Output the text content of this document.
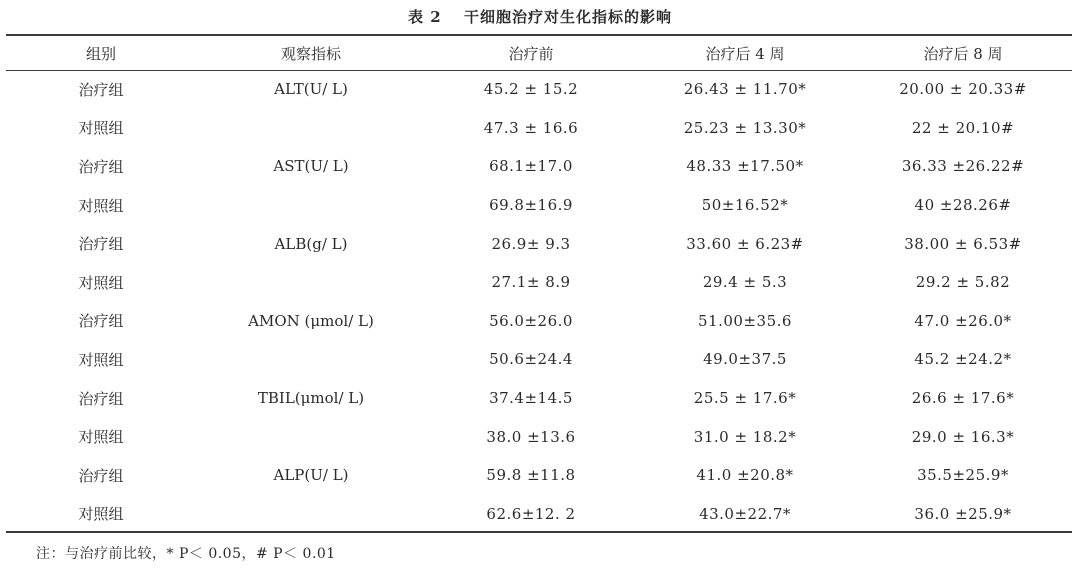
表 2 干细胞治疗对生化指标的影响
组别	观察指标	治疗前	治疗后 4 周	治疗后 8 周
治疗组	ALT(U/ L)	45.2 ± 15.2	26.43 ± 11.70*	20.00 ± 20.33#
对照组		47.3 ± 16.6	25.23 ± 13.30*	22 ± 20.10#
治疗组	AST(U/ L)	68.1±17.0	48.33 ±17.50*	36.33 ±26.22#
对照组		69.8±16.9	50±16.52*	40 ±28.26#
治疗组	ALB(g/ L)	26.9± 9.3	33.60 ± 6.23#	38.00 ± 6.53#
对照组		27.1± 8.9	29.4 ± 5.3	29.2 ± 5.82
治疗组	AMON (μmol/ L)	56.0±26.0	51.00±35.6	47.0 ±26.0*
对照组		50.6±24.4	49.0±37.5	45.2 ±24.2*
治疗组	TBIL(μmol/ L)	37.4±14.5	25.5 ± 17.6*	26.6 ± 17.6*
对照组		38.0 ±13.6	31.0 ± 18.2*	29.0 ± 16.3*
治疗组	ALP(U/ L)	59.8 ±11.8	41.0 ±20.8*	35.5±25.9*
对照组		62.6±12. 2	43.0±22.7*	36.0 ±25.9*
注：与治疗前比较，* P＜ 0.05，# P＜ 0.01
